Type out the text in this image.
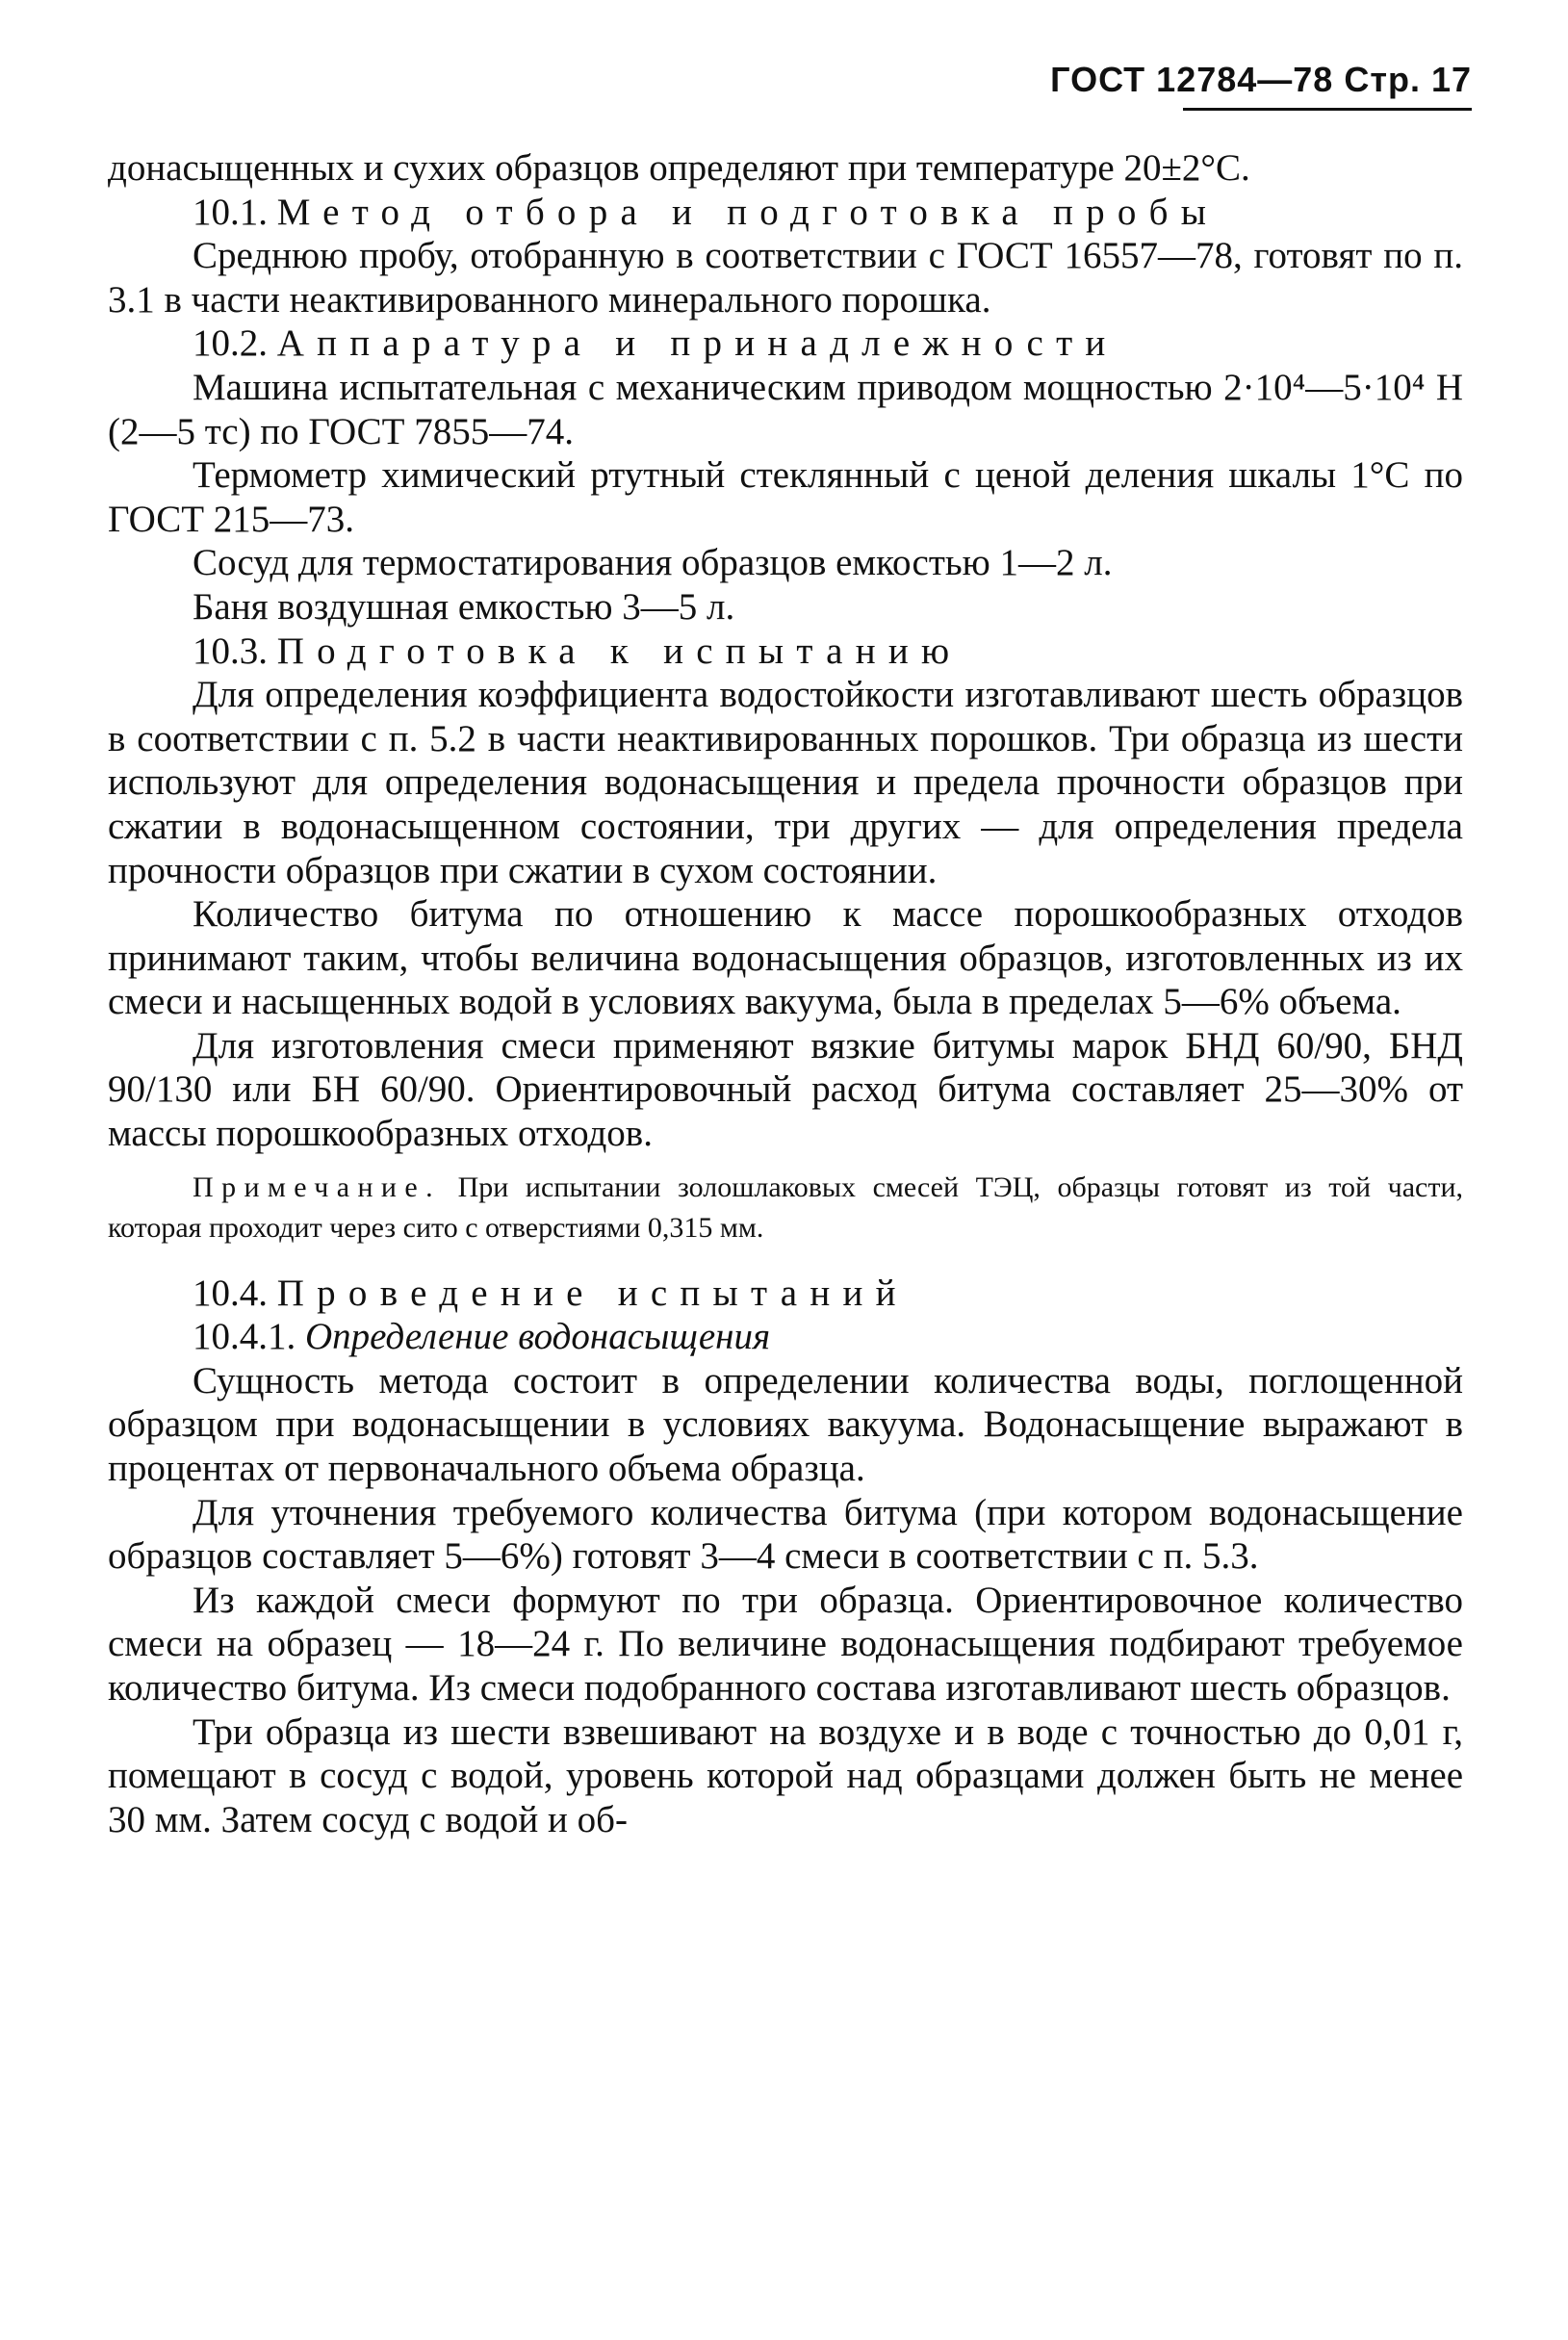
ГОСТ 12784—78 Стр. 17

донасыщенных и сухих образцов определяют при температуре 20±2°С.

10.1. Метод отбора и подготовка пробы

Среднюю пробу, отобранную в соответствии с ГОСТ 16557—78, готовят по п. 3.1 в части неактивированного минерального порошка.

10.2. Аппаратура и принадлежности

Машина испытательная с механическим приводом мощностью 2·10⁴—5·10⁴ Н (2—5 тс) по ГОСТ 7855—74.

Термометр химический ртутный стеклянный с ценой деления шкалы 1°С по ГОСТ 215—73.

Сосуд для термостатирования образцов емкостью 1—2 л.

Баня воздушная емкостью 3—5 л.

10.3. Подготовка к испытанию

Для определения коэффициента водостойкости изготавливают шесть образцов в соответствии с п. 5.2 в части неактивированных порошков. Три образца из шести используют для определения водонасыщения и предела прочности образцов при сжатии в водонасыщенном состоянии, три других — для определения предела прочности образцов при сжатии в сухом состоянии.

Количество битума по отношению к массе порошкообразных отходов принимают таким, чтобы величина водонасыщения образцов, изготовленных из их смеси и насыщенных водой в условиях вакуума, была в пределах 5—6% объема.

Для изготовления смеси применяют вязкие битумы марок БНД 60/90, БНД 90/130 или БН 60/90. Ориентировочный расход битума составляет 25—30% от массы порошкообразных отходов.

Примечание. При испытании золошлаковых смесей ТЭЦ, образцы готовят из той части, которая проходит через сито с отверстиями 0,315 мм.

10.4. Проведение испытаний

10.4.1. Определение водонасыщения

Сущность метода состоит в определении количества воды, поглощенной образцом при водонасыщении в условиях вакуума. Водонасыщение выражают в процентах от первоначального объема образца.

Для уточнения требуемого количества битума (при котором водонасыщение образцов составляет 5—6%) готовят 3—4 смеси в соответствии с п. 5.3.

Из каждой смеси формуют по три образца. Ориентировочное количество смеси на образец — 18—24 г. По величине водонасыщения подбирают требуемое количество битума. Из смеси подобранного состава изготавливают шесть образцов.

Три образца из шести взвешивают на воздухе и в воде с точностью до 0,01 г, помещают в сосуд с водой, уровень которой над образцами должен быть не менее 30 мм. Затем сосуд с водой и об-
